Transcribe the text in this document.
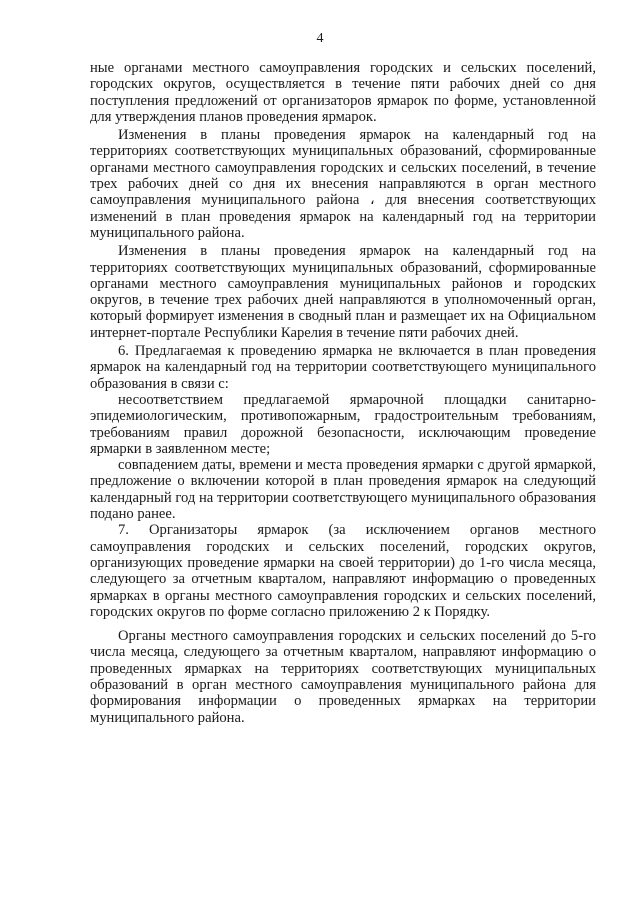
4

ные органами местного самоуправления городских и сельских поселений, городских округов, осуществляется в течение пяти рабочих дней со дня поступления предложений от организаторов ярмарок по форме, установленной для утверждения планов проведения ярмарок.

Изменения в планы проведения ярмарок на календарный год на территориях соответствующих муниципальных образований, сформированные органами местного самоуправления городских и сельских поселений, в течение трех рабочих дней со дня их внесения направляются в орган местного самоуправления муниципального района ، для внесения соответствующих изменений в план проведения ярмарок на календарный год на территории муниципального района.

Изменения в планы проведения ярмарок на календарный год на территориях соответствующих муниципальных образований, сформированные органами местного самоуправления муниципальных районов и городских округов, в течение трех рабочих дней направляются в уполномоченный орган, который формирует изменения в сводный план и размещает их на Официальном интернет-портале Республики Карелия в течение пяти рабочих дней.

6. Предлагаемая к проведению ярмарка не включается в план проведения ярмарок на календарный год на территории соответствующего муниципального образования в связи с:

несоответствием предлагаемой ярмарочной площадки санитарно-эпидемиологическим, противопожарным, градостроительным требованиям, требованиям правил дорожной безопасности, исключающим проведение ярмарки в заявленном месте;

совпадением даты, времени и места проведения ярмарки с другой ярмаркой, предложение о включении которой в план проведения ярмарок на следующий календарный год на территории соответствующего муниципального образования подано ранее.

7. Организаторы ярмарок (за исключением органов местного самоуправления городских и сельских поселений, городских округов, организующих проведение ярмарки на своей территории) до 1-го числа месяца, следующего за отчетным кварталом, направляют информацию о проведенных ярмарках в органы местного самоуправления городских и сельских поселений, городских округов по форме согласно приложению 2 к Порядку.

Органы местного самоуправления городских и сельских поселений до 5-го числа месяца, следующего за отчетным кварталом, направляют информацию о проведенных ярмарках на территориях соответствующих муниципальных образований в орган местного самоуправления муниципального района для формирования информации о проведенных ярмарках на территории муниципального района.
